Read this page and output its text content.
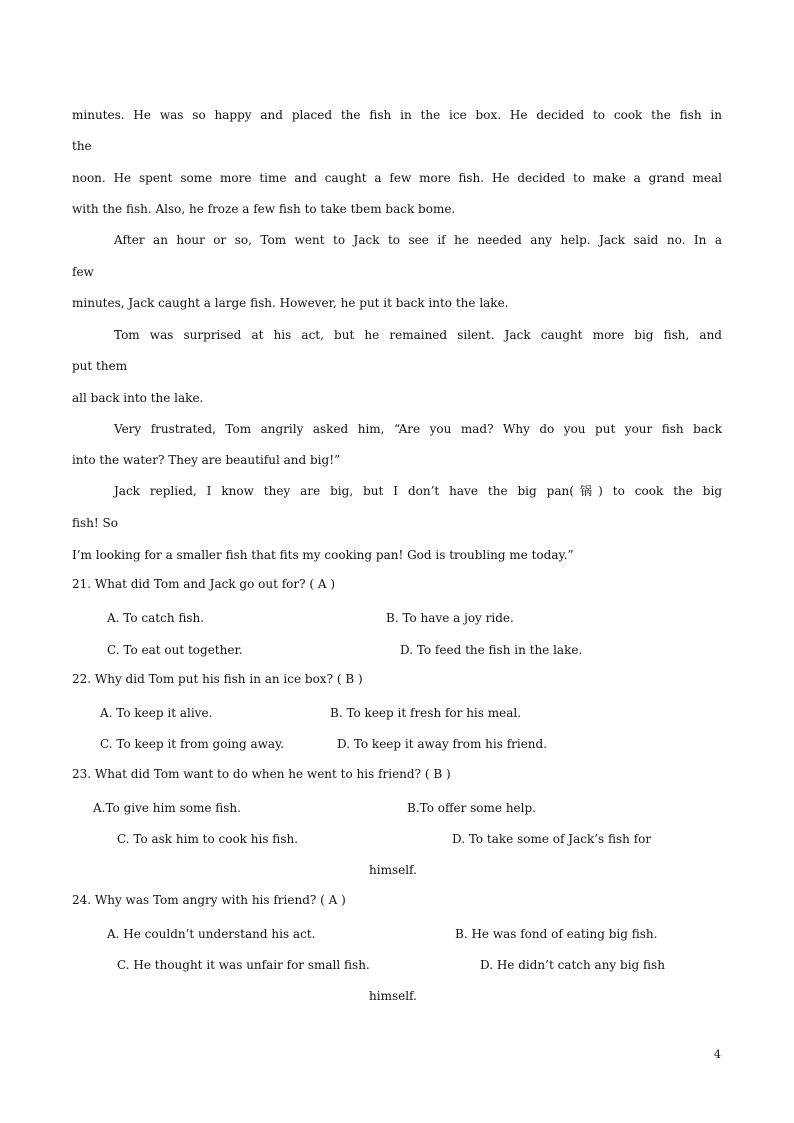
minutes. He was so happy and placed the fish in the ice box. He decided to cook the fish in
the
noon. He spent some more time and caught a few more fish. He decided to make a grand meal
with the fish. Also, he froze a few fish to take tbem back bome.
After an hour or so, Tom went to Jack to see if he needed any help. Jack said no. In a
few
minutes, Jack caught a large fish. However, he put it back into the lake.
Tom was surprised at his act, but he remained silent. Jack caught more big fish, and
put them
all back into the lake.
Very frustrated, Tom angrily asked him, “Are you mad? Why do you put your fish back
into the water? They are beautiful and big!”
Jack replied, I know they are big, but I don’t have the big pan(锅) to cook the big
fish! So
I’m looking for a smaller fish that fits my cooking pan! God is troubling me today.”
21. What did Tom and Jack go out for? ( A )
A. To catch fish.	B. To have a joy ride.
C. To eat out together.	D. To feed the fish in the lake.
22. Why did Tom put his fish in an ice box? ( B )
A. To keep it alive.	B. To keep it fresh for his meal.
C. To keep it from going away.	D. To keep it away from his friend.
23. What did Tom want to do when he went to his friend? ( B )
A.To give him some fish.	B.To offer some help.
C. To ask him to cook his fish.	D. To take some of Jack’s fish for
himself.
24. Why was Tom angry with his friend? ( A )
A. He couldn’t understand his act.	B. He was fond of eating big fish.
C. He thought it was unfair for small fish.	D. He didn’t catch any big fish
himself.
4
